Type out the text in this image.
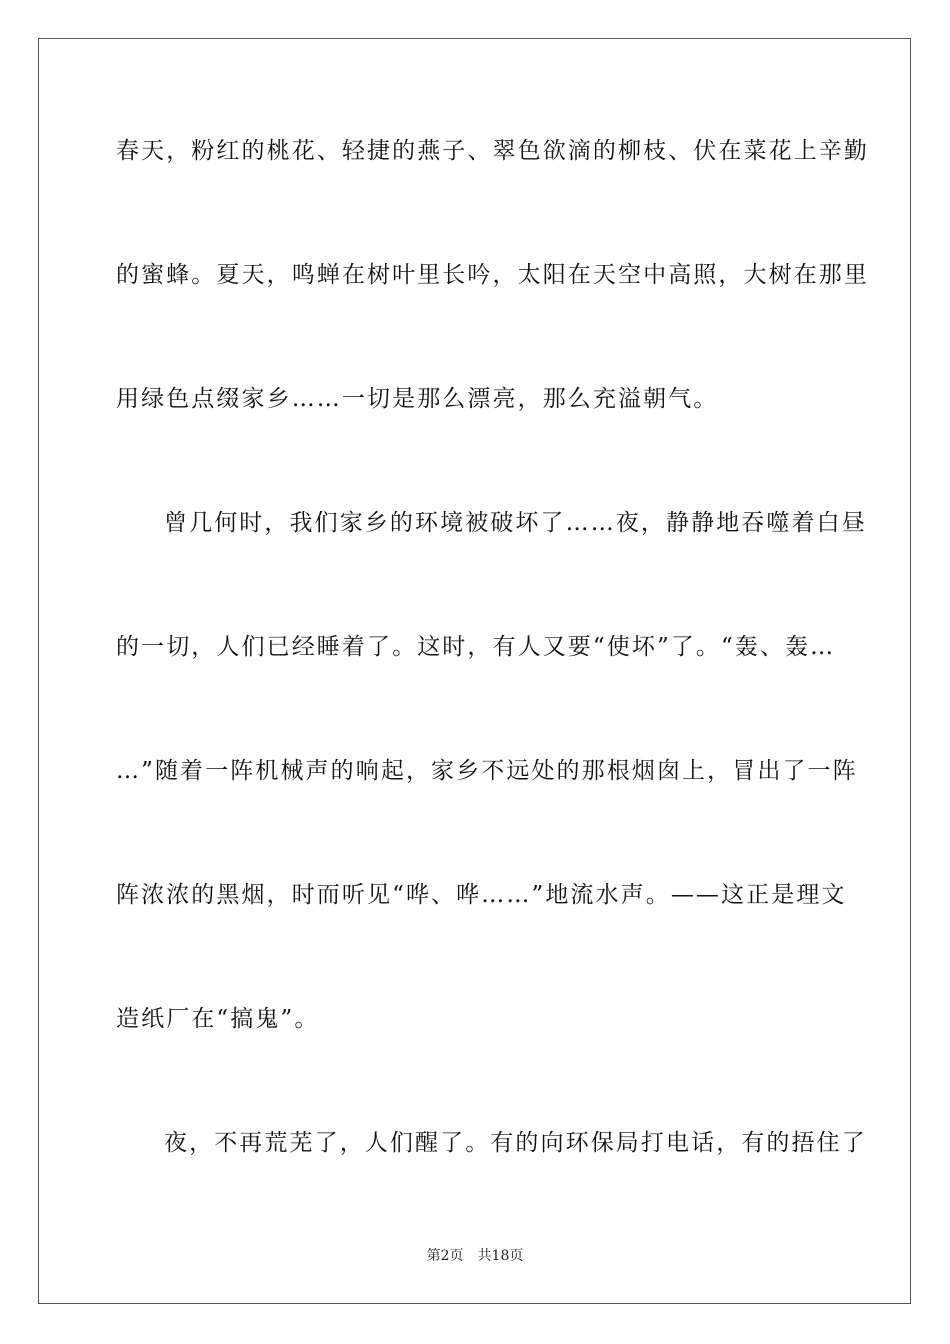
春天，粉红的桃花、轻捷的燕子、翠色欲滴的柳枝、伏在菜花上辛勤
的蜜蜂。夏天，鸣蝉在树叶里长吟，太阳在天空中高照，大树在那里
用绿色点缀家乡……一切是那么漂亮，那么充溢朝气。
曾几何时，我们家乡的环境被破坏了……夜，静静地吞噬着白昼
的一切，人们已经睡着了。这时，有人又要“使坏”了。“轰、轰…
…”随着一阵机械声的响起，家乡不远处的那根烟囱上，冒出了一阵
阵浓浓的黑烟，时而听见“哗、哗……”地流水声。——这正是理文
造纸厂在“搞鬼”。
夜，不再荒芜了，人们醒了。有的向环保局打电话，有的捂住了
第2页 共18页
